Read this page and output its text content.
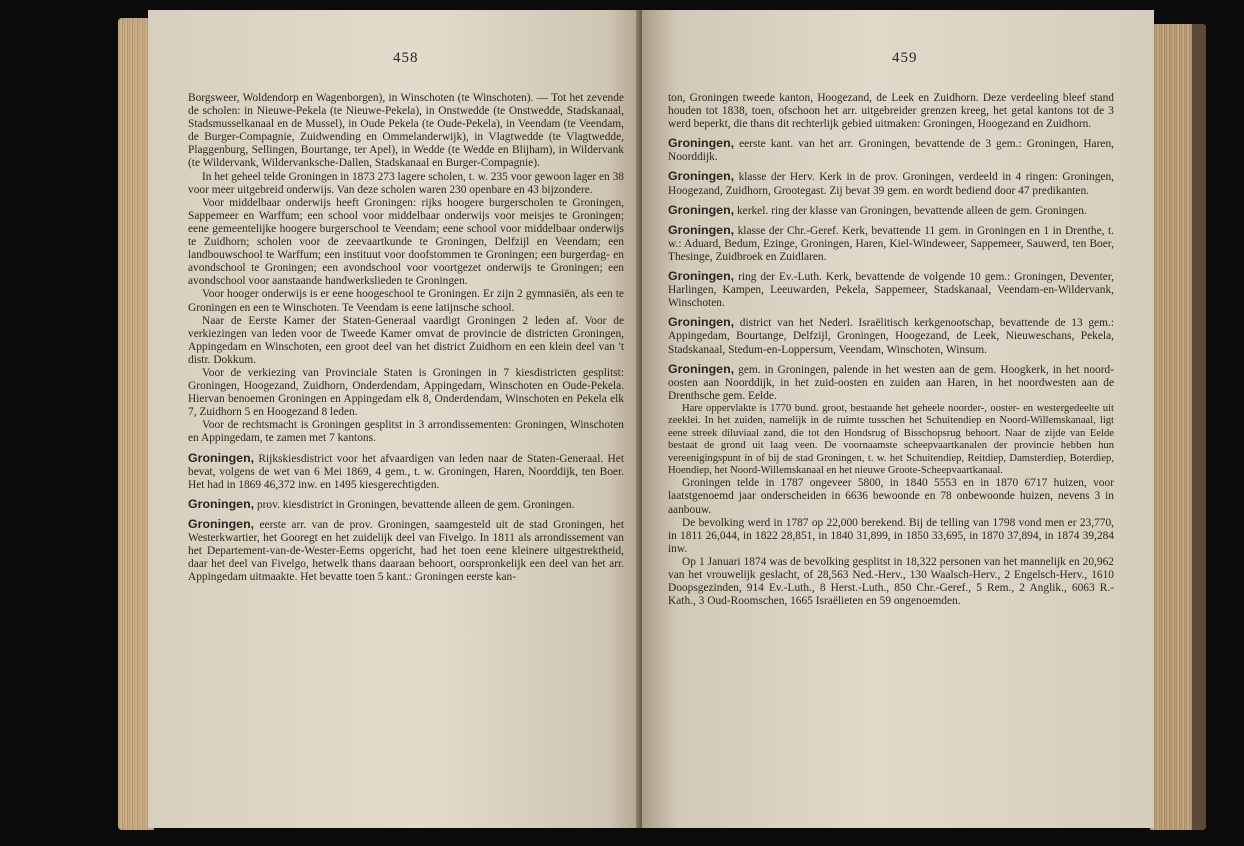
458

Borgsweer, Woldendorp en Wagenborgen), in Winschoten (te Winschoten). — Tot het zevende de scholen: in Nieuwe-Pekela (te Nieuwe-Pekela), in Onstwedde (te Onstwedde, Stadskanaal, Stadsmusselkanaal en de Mussel), in Oude Pekela (te Oude-Pekela), in Veendam (te Veendam, de Burger-Compagnie, Zuidwending en Ommelanderwijk), in Vlagtwedde (te Vlagtwedde, Plaggenburg, Sellingen, Bourtange, ter Apel), in Wedde (te Wedde en Blijham), in Wildervank (te Wildervank, Wildervanksche-Dallen, Stadskanaal en Burger-Compagnie).

In het geheel telde Groningen in 1873 273 lagere scholen, t. w. 235 voor gewoon lager en 38 voor meer uitgebreid onderwijs. Van deze scholen waren 230 openbare en 43 bijzondere.

Voor middelbaar onderwijs heeft Groningen: rijks hoogere burgerscholen te Groningen, Sappemeer en Warffum; een school voor middelbaar onderwijs voor meisjes te Groningen; eene gemeentelijke hoogere burgerschool te Veendam; eene school voor middelbaar onderwijs te Zuidhorn; scholen voor de zeevaartkunde te Groningen, Delfzijl en Veendam; een landbouwschool te Warffum; een instituut voor doofstommen te Groningen; een burgerdag- en avondschool te Groningen; een avondschool voor voortgezet onderwijs te Groningen; een avondschool voor aanstaande handwerkslieden te Groningen.

Voor hooger onderwijs is er eene hoogeschool te Groningen. Er zijn 2 gymnasiën, als een te Groningen en een te Winschoten. Te Veendam is eene latijnsche school.

Naar de Eerste Kamer der Staten-Generaal vaardigt Groningen 2 leden af. Voor de verkiezingen van leden voor de Tweede Kamer omvat de provincie de districten Groningen, Appingedam en Winschoten, een groot deel van het district Zuidhorn en een klein deel van 't distr. Dokkum.

Voor de verkiezing van Provinciale Staten is Groningen in 7 kiesdistricten gesplitst: Groningen, Hoogezand, Zuidhorn, Onderdendam, Appingedam, Winschoten en Oude-Pekela. Hiervan benoemen Groningen en Appingedam elk 8, Onderdendam, Winschoten en Pekela elk 7, Zuidhorn 5 en Hoogezand 8 leden.

Voor de rechtsmacht is Groningen gesplitst in 3 arrondissementen: Groningen, Winschoten en Appingedam, te zamen met 7 kantons.

Groningen, Rijkskiesdistrict voor het afvaardigen van leden naar de Staten-Generaal. Het bevat, volgens de wet van 6 Mei 1869, 4 gem., t. w. Groningen, Haren, Noorddijk, ten Boer. Het had in 1869 46,372 inw. en 1495 kiesgerechtigden.

Groningen, prov. kiesdistrict in Groningen, bevattende alleen de gem. Groningen.

Groningen, eerste arr. van de prov. Groningen, saamgesteld uit de stad Groningen, het Westerkwartier, het Gooregt en het zuidelijk deel van Fivelgo. In 1811 als arrondissement van het Departement-van-de-Wester-Eems opgericht, had het toen eene kleinere uitgestrektheid, daar het deel van Fivelgo, hetwelk thans daaraan behoort, oorspronkelijk een deel van het arr. Appingedam uitmaakte. Het bevatte toen 5 kant.: Groningen eerste kan-

459

ton, Groningen tweede kanton, Hoogezand, de Leek en Zuidhorn. Deze verdeeling bleef stand houden tot 1838, toen, ofschoon het arr. uitgebreider grenzen kreeg, het getal kantons tot de 3 werd beperkt, die thans dit rechterlijk gebied uitmaken: Groningen, Hoogezand en Zuidhorn.

Groningen, eerste kant. van het arr. Groningen, bevattende de 3 gem.: Groningen, Haren, Noorddijk.

Groningen, klasse der Herv. Kerk in de prov. Groningen, verdeeld in 4 ringen: Groningen, Hoogezand, Zuidhorn, Grootegast. Zij bevat 39 gem. en wordt bediend door 47 predikanten.

Groningen, kerkel. ring der klasse van Groningen, bevattende alleen de gem. Groningen.

Groningen, klasse der Chr.-Geref. Kerk, bevattende 11 gem. in Groningen en 1 in Drenthe, t. w.: Aduard, Bedum, Ezinge, Groningen, Haren, Kiel-Windeweer, Sappemeer, Sauwerd, ten Boer, Thesinge, Zuidbroek en Zuidlaren.

Groningen, ring der Ev.-Luth. Kerk, bevattende de volgende 10 gem.: Groningen, Deventer, Harlingen, Kampen, Leeuwarden, Pekela, Sappemeer, Stadskanaal, Veendam-en-Wildervank, Winschoten.

Groningen, district van het Nederl. Israëlitisch kerkgenootschap, bevattende de 13 gem.: Appingedam, Bourtange, Delfzijl, Groningen, Hoogezand, de Leek, Nieuweschans, Pekela, Stadskanaal, Stedum-en-Loppersum, Veendam, Winschoten, Winsum.

Groningen, gem. in Groningen, palende in het westen aan de gem. Hoogkerk, in het noord-oosten aan Noorddijk, in het zuid-oosten en zuiden aan Haren, in het noordwesten aan de Drenthsche gem. Eelde.

Hare oppervlakte is 1770 bund. groot, bestaande het geheele noorder-, ooster- en westergedeelte uit zeeklei. In het zuiden, namelijk in de ruimte tusschen het Schuitendiep en Noord-Willemskanaal, ligt eene streek diluviaal zand, die tot den Hondsrug of Bisschopsrug behoort. Naar de zijde van Eelde bestaat de grond uit laag veen. De voornaamste scheepvaartkanalen der provincie hebben hun vereenigingspunt in of bij de stad Groningen, t. w. het Schuitendiep, Reitdiep, Damsterdiep, Boterdiep, Hoendiep, het Noord-Willemskanaal en het nieuwe Groote-Scheepvaartkanaal.

Groningen telde in 1787 ongeveer 5800, in 1840 5553 en in 1870 6717 huizen, voor laatstgenoemd jaar onderscheiden in 6636 bewoonde en 78 onbewoonde huizen, nevens 3 in aanbouw.

De bevolking werd in 1787 op 22,000 berekend. Bij de telling van 1798 vond men er 23,770, in 1811 26,044, in 1822 28,851, in 1840 31,899, in 1850 33,695, in 1870 37,894, in 1874 39,284 inw.

Op 1 Januari 1874 was de bevolking gesplitst in 18,322 personen van het mannelijk en 20,962 van het vrouwelijk geslacht, of 28,563 Ned.-Herv., 130 Waalsch-Herv., 2 Engelsch-Herv., 1610 Doopsgezinden, 914 Ev.-Luth., 8 Herst.-Luth., 850 Chr.-Geref., 5 Rem., 2 Anglik., 6063 R.-Kath., 3 Oud-Roomschen, 1665 Israëlieten en 59 ongenoemden.
